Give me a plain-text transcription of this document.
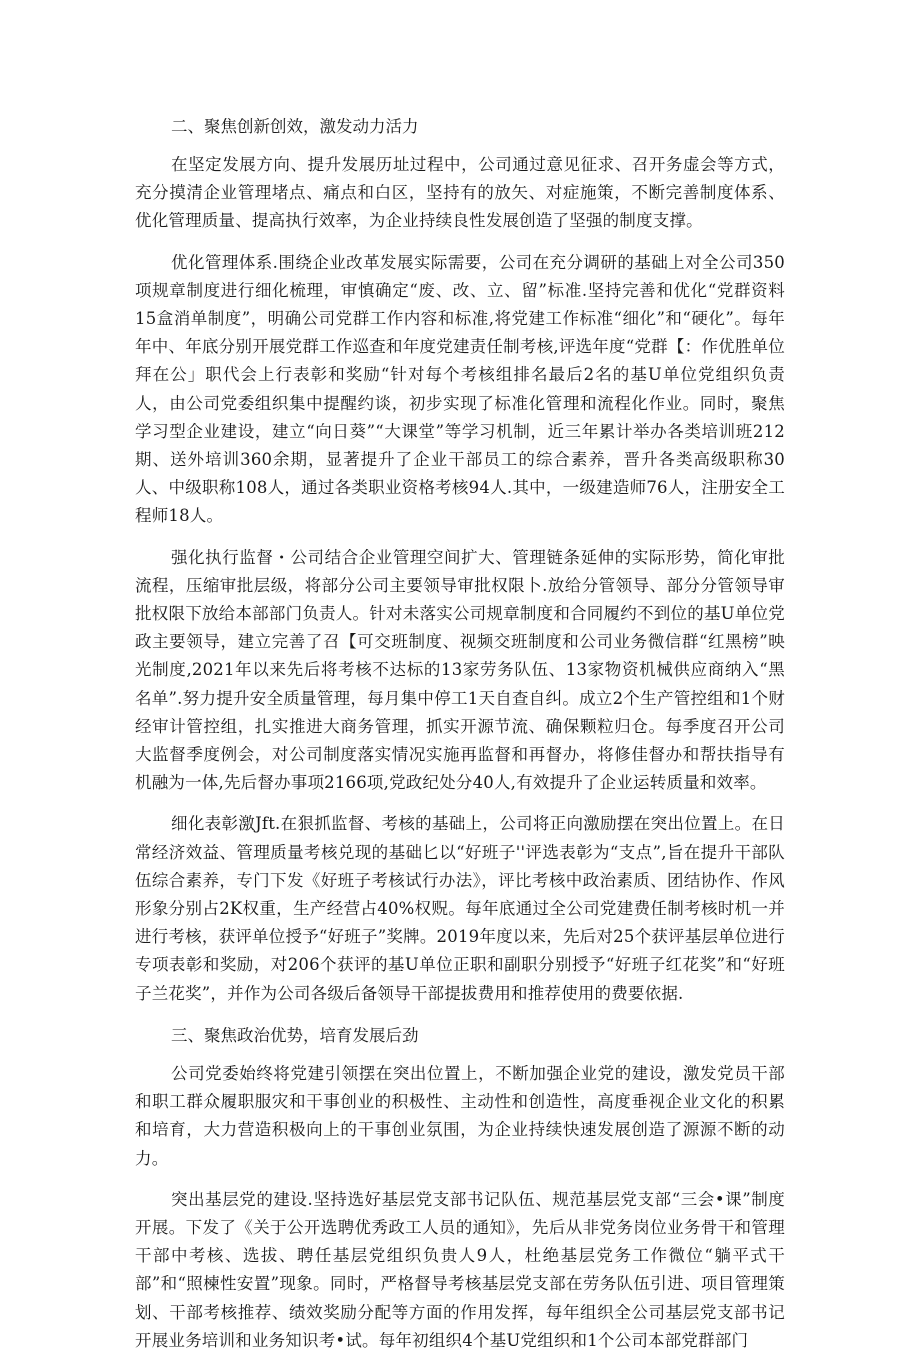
二、聚焦创新创效，激发动力活力

在坚定发展方向、提升发展历址过程中，公司通过意见征求、召开务虚会等方式，充分摸清企业管理堵点、痛点和白区，坚持有的放矢、对症施策，不断完善制度体系、优化管理质量、提高执行效率，为企业持续良性发展创造了坚强的制度支撑。

优化管理体系.围绕企业改革发展实际需要，公司在充分调研的基础上对全公司350项规章制度进行细化梳理，审慎确定“废、改、立、留”标准.坚持完善和优化“党群资料15盒消单制度”，明确公司党群工作内容和标准,将党建工作标准“细化”和“硬化”。每年年中、年底分别开展党群工作巡查和年度党建责任制考核,评选年度“党群【：作优胜单位拜在公」职代会上行表彰和奖励“针对每个考核组排名最后2名的基U单位党组织负责人，由公司党委组织集中提醒约谈，初步实现了标准化管理和流程化作业。同时，聚焦学习型企业建设，建立“向日葵”“大课堂”等学习机制，近三年累计举办各类培训班212期、送外培训360余期，显著提升了企业干部员工的综合素养，晋升各类高级职称30人、中级职称108人，通过各类职业资格考核94人.其中，一级建造师76人，注册安全工程师18人。

强化执行监督・公司结合企业管理空间扩大、管理链条延伸的实际形势，简化审批流程，压缩审批层级，将部分公司主要领导审批权限卜.放给分管领导、部分分管领导审批权限下放给本部部门负责人。针对未落实公司规章制度和合同履约不到位的基U单位党政主要领导，建立完善了召【可交班制度、视频交班制度和公司业务微信群“红黑榜”映光制度,2021年以来先后将考核不达标的13家劳务队伍、13家物资机械供应商纳入“黑名单”.努力提升安全质量管理，每月集中停工1天自查自纠。成立2个生产管控组和1个财经审计管控组，扎实推进大商务管理，抓实开源节流、确保颗粒归仓。每季度召开公司大监督季度例会，对公司制度落实情况实施再监督和再督办，将修佳督办和帮扶指导有机融为一体,先后督办事项2166项,党政纪处分40人,有效提升了企业运转质量和效率。

细化表彰激Jft.在狠抓监督、考核的基础上，公司将正向激励摆在突出位置上。在日常经济效益、管理质量考核兑现的基础匕以“好班子''评选表彰为“支点”,旨在提升干部队伍综合素养，专门下发《好班子考核试行办法》，评比考核中政治素质、团结协作、作风形象分别占2K权重，生产经营占40%权贶。每年底通过全公司党建费任制考核时机一并进行考核，获评单位授予“好班子”奖牌。2019年度以来，先后对25个获评基层单位进行专项表彰和奖励，对206个获评的基U单位正职和副职分别授予“好班子红花奖”和“好班子兰花奖”，并作为公司各级后备领导干部提拔费用和推荐使用的费要依据.

三、聚焦政治优势，培育发展后劲

公司党委始终将党建引领摆在突出位置上，不断加强企业党的建设，激发党员干部和职工群众履职服灾和干事创业的积极性、主动性和创造性，高度垂视企业文化的积累和培育，大力营造积极向上的干事创业氛围，为企业持续快速发展创造了源源不断的动力。

突出基层党的建设.坚持选好基层党支部书记队伍、规范基层党支部“三会•课”制度开展。下发了《关于公开选聘优秀政工人员的通知》，先后从非党务岗位业务骨干和管理干部中考核、选拔、聘任基层党组织负贵人9人，杜绝基层党务工作微位“躺平式干部”和“照楝性安置”现象。同时，严格督导考核基层党支部在劳务队伍引进、项目管理策划、干部考核推荐、绩效奖励分配等方面的作用发挥，每年组织全公司基层党支部书记开展业务培训和业务知识考•试。每年初组织4个基U党组织和1个公司本部党群部门
